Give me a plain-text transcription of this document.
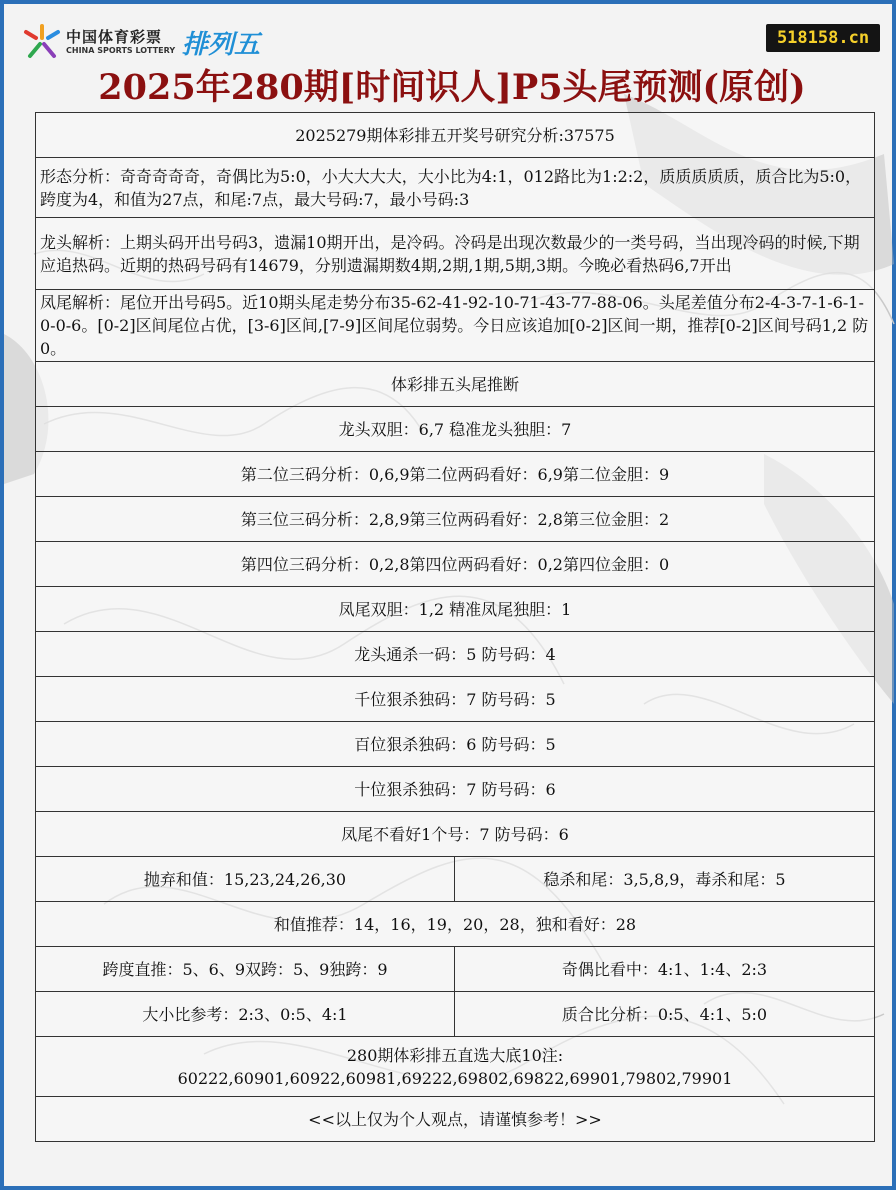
中国体育彩票
CHINA SPORTS LOTTERY 排列五	518158.cn
2025年280期[时间识人]P5头尾预测(原创)
2025279期体彩排五开奖号研究分析:37575	
形态分析：奇奇奇奇奇，奇偶比为5:0，小大大大大，大小比为4:1，012路比为1:2:2，质质质质质，质合比为5:0，跨度为4，和值为27点，和尾:7点，最大号码:7，最小号码:3	
龙头解析：上期头码开出号码3，遗漏10期开出，是冷码。冷码是出现次数最少的一类号码，当出现冷码的时候,下期应追热码。近期的热码号码有14679，分别遗漏期数4期,2期,1期,5期,3期。今晚必看热码6,7开出	
凤尾解析：尾位开出号码5。近10期头尾走势分布35-62-41-92-10-71-43-77-88-06。头尾差值分布2-4-3-7-1-6-1-0-0-6。[0-2]区间尾位占优，[3-6]区间,[7-9]区间尾位弱势。今日应该追加[0-2]区间一期，推荐[0-2]区间号码1,2 防0。	
体彩排五头尾推断	
龙头双胆：6,7 稳准龙头独胆：7	
第二位三码分析：0,6,9第二位两码看好：6,9第二位金胆：9	
第三位三码分析：2,8,9第三位两码看好：2,8第三位金胆：2	
第四位三码分析：0,2,8第四位两码看好：0,2第四位金胆：0	
凤尾双胆：1,2 精准凤尾独胆：1	
龙头通杀一码：5 防号码：4	
千位狠杀独码：7 防号码：5	
百位狠杀独码：6 防号码：5	
十位狠杀独码：7 防号码：6	
凤尾不看好1个号：7 防号码：6	
抛弃和值：15,23,24,26,30	稳杀和尾：3,5,8,9，毒杀和尾：5
和值推荐：14，16，19，20，28，独和看好：28	
跨度直推：5、6、9双跨：5、9独跨：9	奇偶比看中：4:1、1:4、2:3
大小比参考：2:3、0:5、4:1	质合比分析：0:5、4:1、5:0

280期体彩排五直选大底10注:
60222,60901,60922,60981,69222,69802,69822,69901,79802,79901	

<<以上仅为个人观点，请谨慎参考！>>	
